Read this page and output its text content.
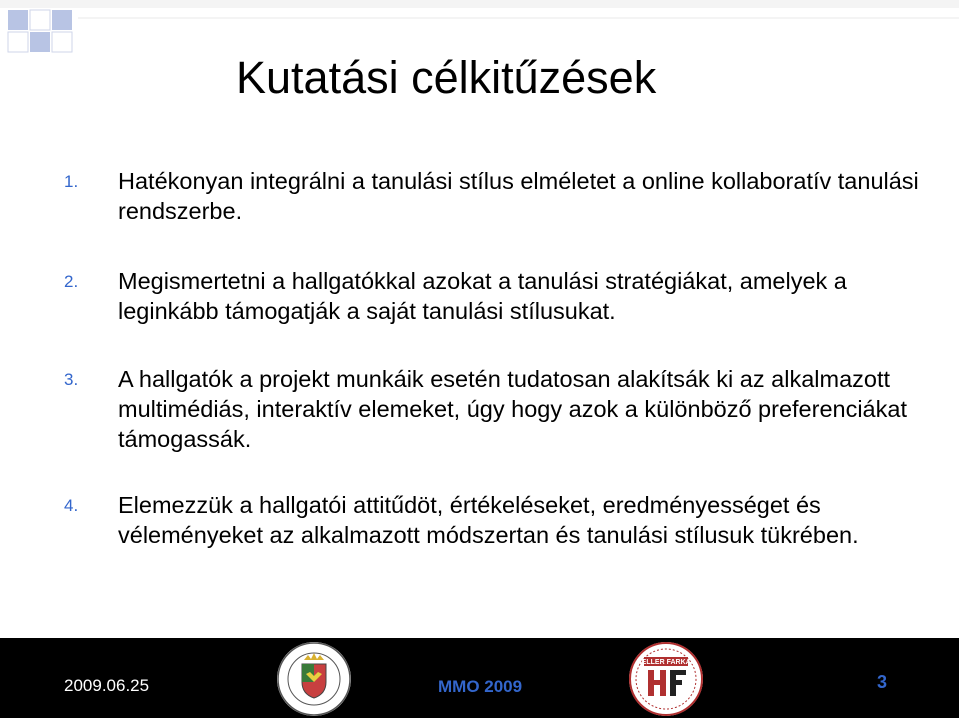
Kutatási célkitűzések
1. Hatékonyan integrálni a tanulási stílus elméletet a online kollaboratív tanulási rendszerbe.
2. Megismertetni a hallgatókkal azokat a tanulási stratégiákat, amelyek a leginkább támogatják a saját tanulási stílusukat.
3. A hallgatók a projekt munkáik esetén tudatosan alakítsák ki az alkalmazott multimédiás, interaktív elemeket, úgy hogy azok a különböző preferenciákat támogassák.
4. Elemezzük a hallgatói attitűdöt, értékeléseket, eredményességet és véleményeket az alkalmazott módszertan és tanulási stílusuk tükrében.
2009.06.25	MMO 2009
HELLER FARKAS
3
